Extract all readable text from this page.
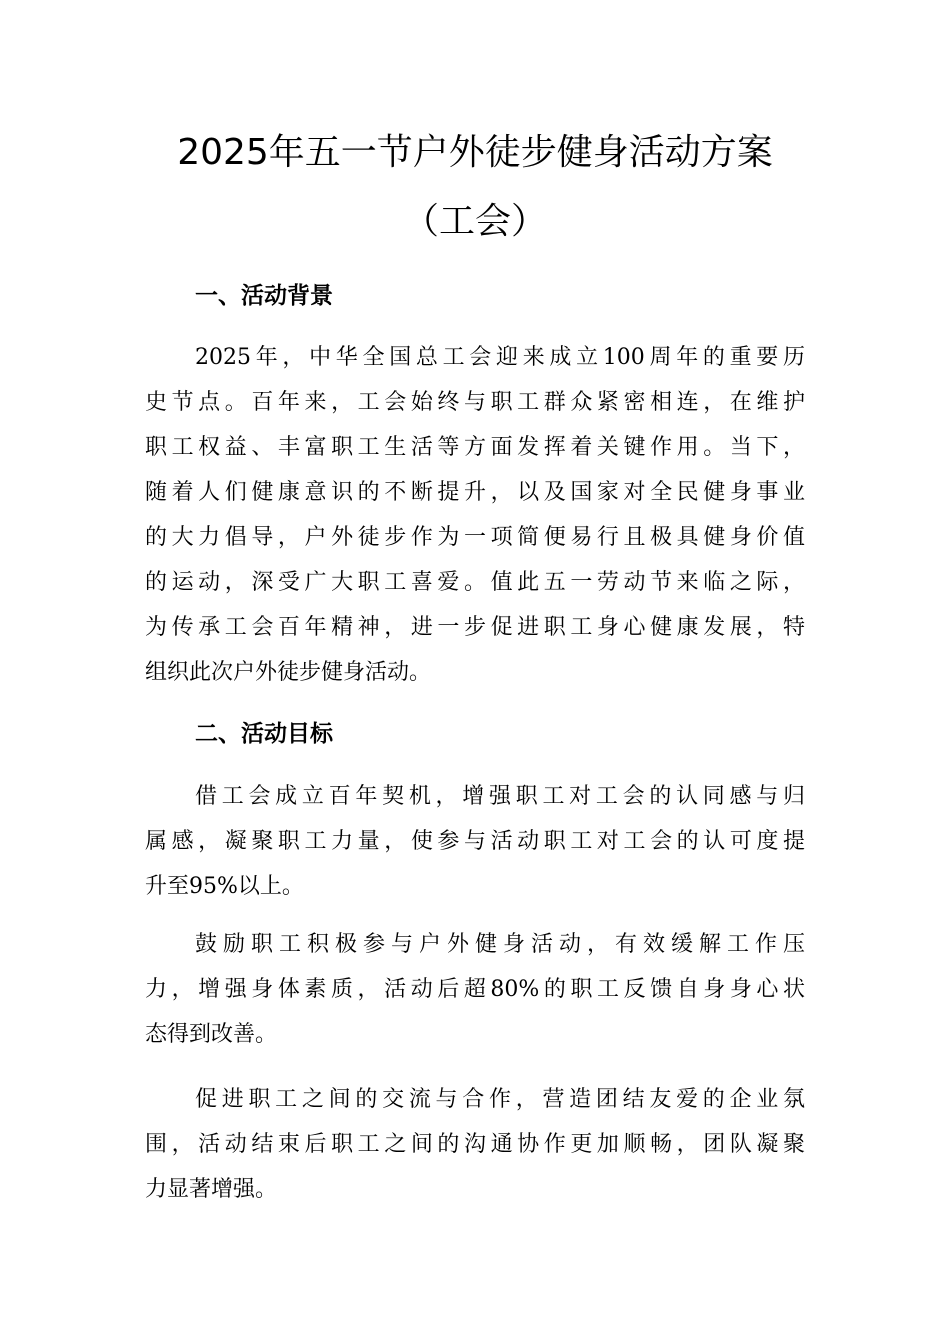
2025年五一节户外徒步健身活动方案
（工会）
一、活动背景
2025年，中华全国总工会迎来成立100周年的重要历
史节点。百年来，工会始终与职工群众紧密相连，在维护
职工权益、丰富职工生活等方面发挥着关键作用。当下，
随着人们健康意识的不断提升，以及国家对全民健身事业
的大力倡导，户外徒步作为一项简便易行且极具健身价值
的运动，深受广大职工喜爱。值此五一劳动节来临之际，
为传承工会百年精神，进一步促进职工身心健康发展，特
组织此次户外徒步健身活动。
二、活动目标
借工会成立百年契机，增强职工对工会的认同感与归
属感，凝聚职工力量，使参与活动职工对工会的认可度提
升至95%以上。
鼓励职工积极参与户外健身活动，有效缓解工作压
力，增强身体素质，活动后超80%的职工反馈自身身心状
态得到改善。
促进职工之间的交流与合作，营造团结友爱的企业氛
围，活动结束后职工之间的沟通协作更加顺畅，团队凝聚
力显著增强。
